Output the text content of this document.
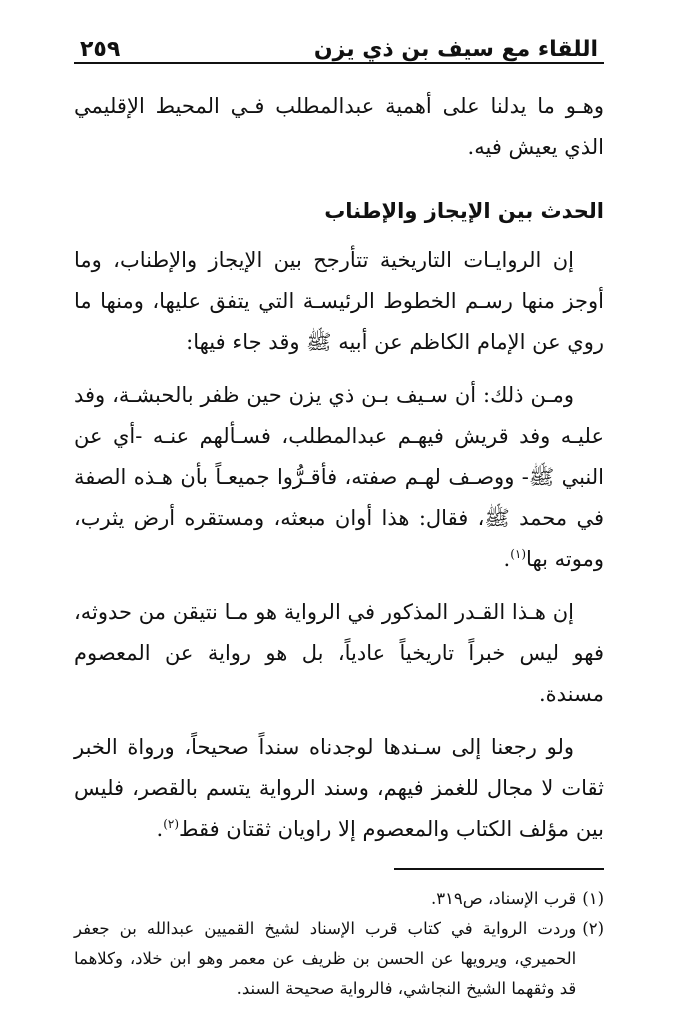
اللقاء مع سيف بن ذي يزن
٢٥٩

وهـو ما يدلنا على أهمية عبدالمطلب فـي المحيط الإقليمي الذي يعيش فيه.

الحدث بين الإيجاز والإطناب

إن الروايـات التاريخية تتأرجح بين الإيجاز والإطناب، وما أوجز منها رسـم الخطوط الرئيسـة التي يتفق عليها، ومنها ما روي عن الإمام الكاظم عن أبيه ﷺ وقد جاء فيها:

ومـن ذلك: أن سـيف بـن ذي يزن حين ظفر بالحبشـة، وفد عليـه وفد قريش فيهـم عبدالمطلب، فسـألهم عنـه -أي عن النبي ﷺ- ووصـف لهـم صفته، فأقـرُّوا جميعـاً بأن هـذه الصفة في محمد ﷺ، فقال: هذا أوان مبعثه، ومستقره أرض يثرب، وموته بها$^{(١)}$.

إن هـذا القـدر المذكور في الرواية هو مـا نتيقن من حدوثه، فهو ليس خبراً تاريخياً عادياً، بل هو رواية عن المعصوم مسندة.

ولو رجعنا إلى سـندها لوجدناه سنداً صحيحاً، ورواة الخبر ثقات لا مجال للغمز فيهم، وسند الرواية يتسم بالقصر، فليس بين مؤلف الكتاب والمعصوم إلا راويان ثقتان فقط$^{(٢)}$.

(١)
قرب الإسناد، ص٣١٩.
(٢)
وردت الرواية في كتاب قرب الإسناد لشيخ القميين عبدالله بن جعفر الحميري، ويرويها عن الحسن بن ظريف عن معمر وهو ابن خلاد، وكلاهما قد وثقهما الشيخ النجاشي، فالرواية صحيحة السند.
